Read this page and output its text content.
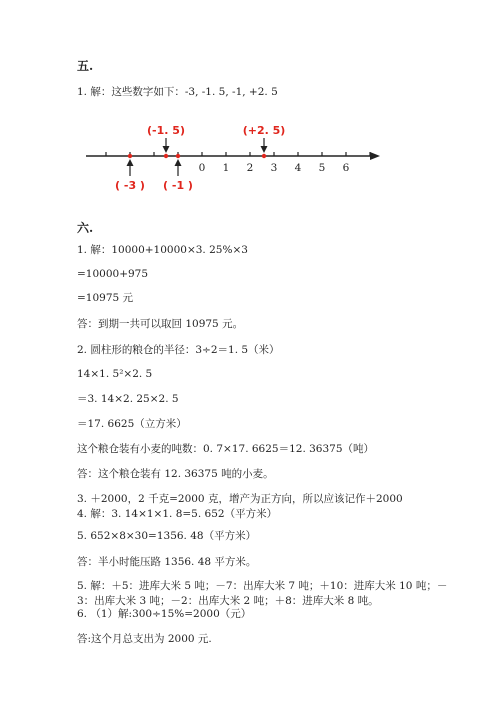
五.
1. 解：这些数字如下：-3, -1. 5, -1, +2. 5
0 1 2 3 4 5 6
(-1. 5)	(+2. 5)
( -3 ) ( -1 )
六.
1. 解：10000+10000×3. 25%×3
=10000+975
=10975 元
答：到期一共可以取回 10975 元。
2. 圆柱形的粮仓的半径：3÷2＝1. 5（米）
14×1. 5²×2. 5
＝3. 14×2. 25×2. 5
＝17. 6625（立方米）
这个粮仓装有小麦的吨数：0. 7×17. 6625＝12. 36375（吨）
答：这个粮仓装有 12. 36375 吨的小麦。
3. ＋2000，2 千克=2000 克，增产为正方向，所以应该记作＋2000
4. 解：3. 14×1×1. 8=5. 652（平方米）
5. 652×8×30=1356. 48（平方米）
答：半小时能压路 1356. 48 平方米。
5. 解：＋5：进库大米 5 吨；－7：出库大米 7 吨；＋10：进库大米 10 吨；－
3：出库大米 3 吨；－2：出库大米 2 吨；＋8：进库大米 8 吨。
6. （1）解:300÷15%=2000（元）
答:这个月总支出为 2000 元.
